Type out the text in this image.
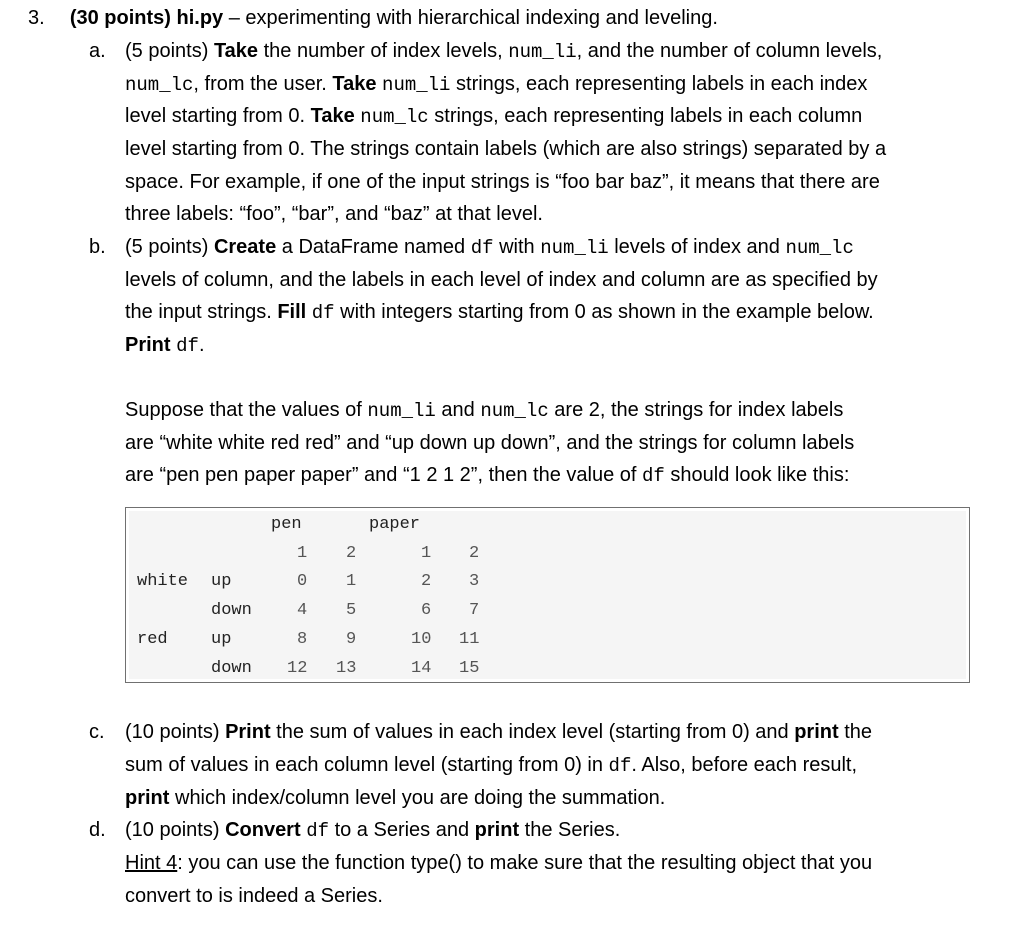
3. (30 points) hi.py – experimenting with hierarchical indexing and leveling.
a. (5 points) Take the number of index levels, num_li, and the number of column levels,
num_lc, from the user. Take num_li strings, each representing labels in each index
level starting from 0. Take num_lc strings, each representing labels in each column
level starting from 0. The strings contain labels (which are also strings) separated by a
space. For example, if one of the input strings is “foo bar baz”, it means that there are
three labels: “foo”, “bar”, and “baz” at that level.
b. (5 points) Create a DataFrame named df with num_li levels of index and num_lc
levels of column, and the labels in each level of index and column are as specified by
the input strings. Fill df with integers starting from 0 as shown in the example below.
Print df.
Suppose that the values of num_li and num_lc are 2, the strings for index labels
are “white white red red” and “up down up down”, and the strings for column labels
are “pen pen paper paper” and “1 2 1 2”, then the value of df should look like this:
pen	paper
1 2	1 2
white up	0 1	2 3
down	4 5	6 7
red	up	8 9	10 11
down 12 13	14 15
c. (10 points) Print the sum of values in each index level (starting from 0) and print the
sum of values in each column level (starting from 0) in df. Also, before each result,
print which index/column level you are doing the summation.
d. (10 points) Convert df to a Series and print the Series.
Hint 4: you can use the function type() to make sure that the resulting object that you
convert to is indeed a Series.
